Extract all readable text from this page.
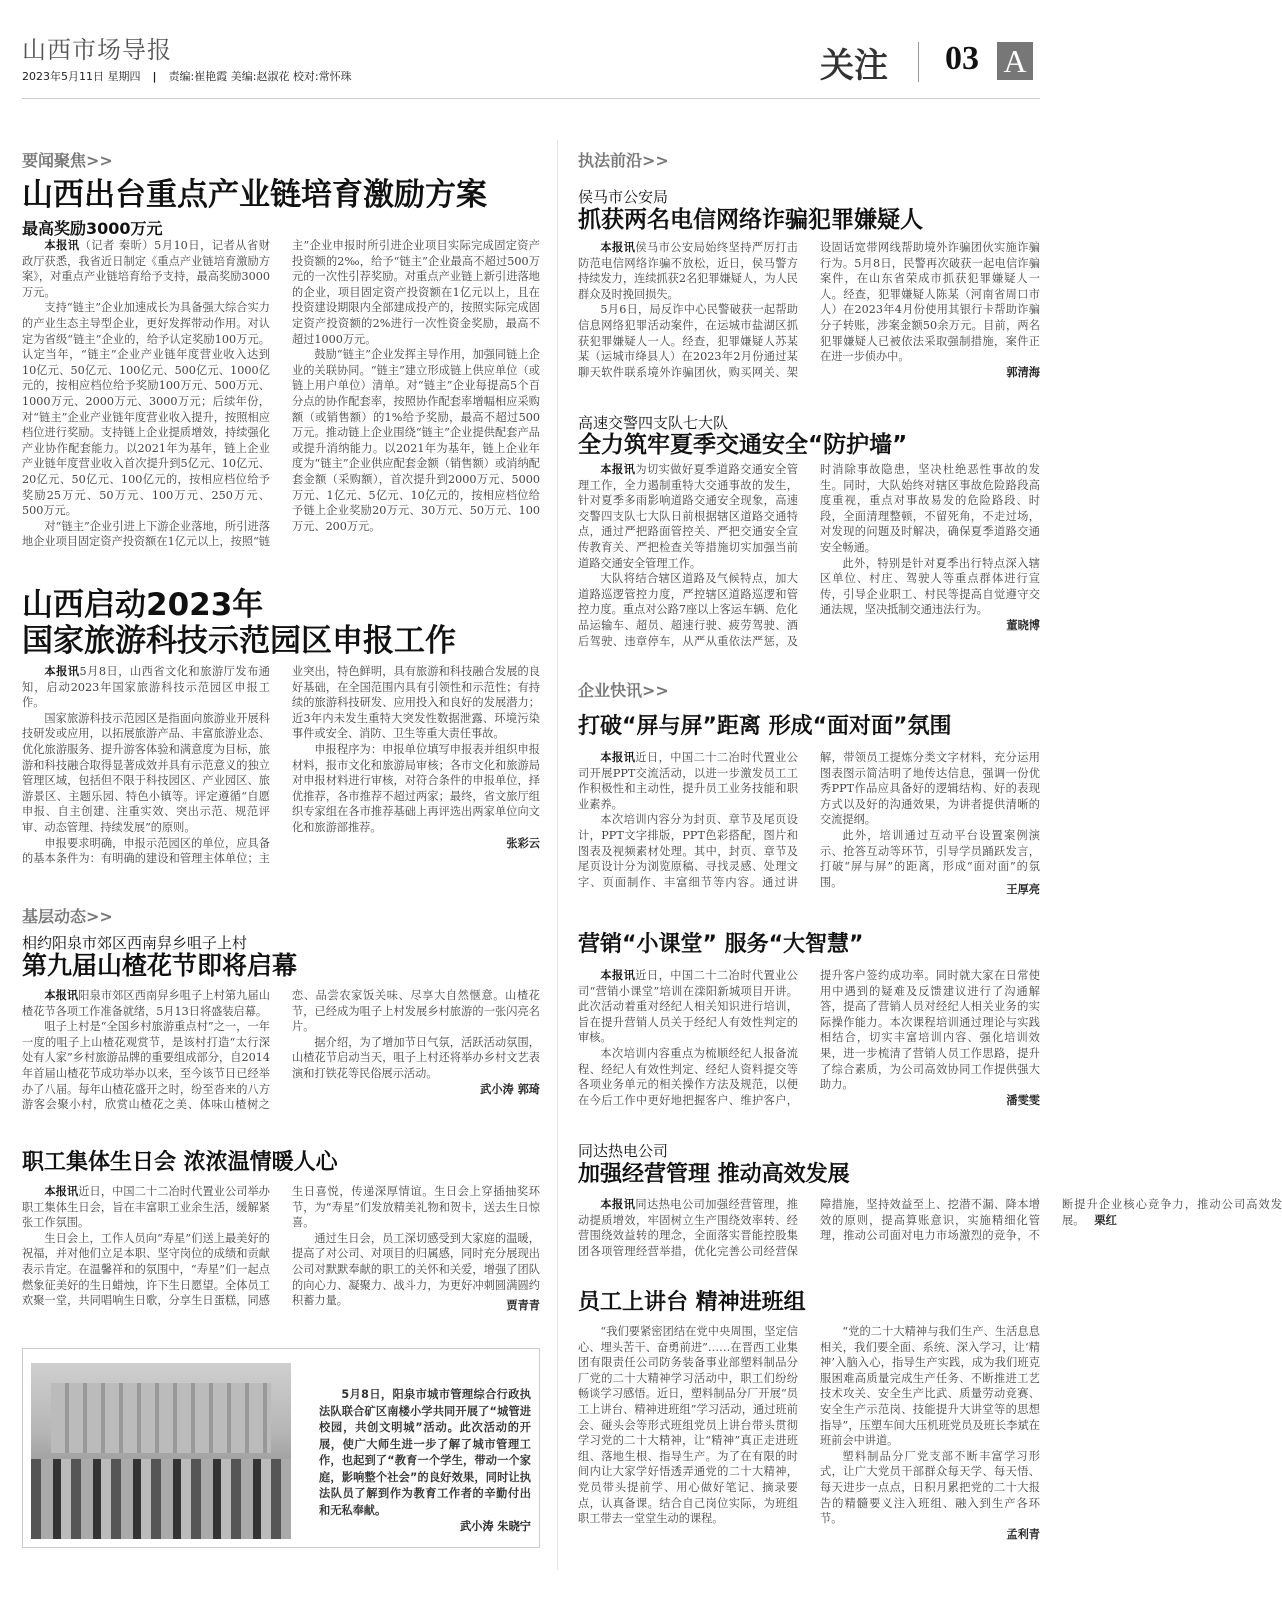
山西市场导报
2023年5月11日 星期四 | 责编:崔艳霞 美编:赵淑花 校对:常怀珠	关注 03 A
要闻聚焦>>
山西出台重点产业链培育激励方案
最高奖励3000万元

本报讯（记者 秦昕）5月10日，记者从省财政厅获悉，我省近日制定《重点产业链培育激励方案》，对重点产业链培育给予支持，最高奖励3000万元。

支持“链主”企业加速成长为具备强大综合实力的产业生态主导型企业，更好发挥带动作用。对认定为省级“链主”企业的，给予认定奖励100万元。认定当年，“链主”企业产业链年度营业收入达到10亿元、50亿元、100亿元、500亿元、1000亿元的，按相应档位给予奖励100万元、500万元、1000万元、2000万元、3000万元；后续年份，对“链主”企业产业链年度营业收入提升，按照相应档位进行奖励。支持链上企业提质增效，持续强化产业协作配套能力。以2021年为基年，链上企业产业链年度营业收入首次提升到5亿元、10亿元、20亿元、50亿元、100亿元的，按相应档位给予奖励25万元、50万元、100万元、250万元、500万元。

对“链主”企业引进上下游企业落地，所引进落地企业项目固定资产投资额在1亿元以上，按照“链主”企业申报时所引进企业项目实际完成固定资产投资额的2‰，给予“链主”企业最高不超过500万元的一次性引荐奖励。对重点产业链上新引进落地的企业，项目固定资产投资额在1亿元以上，且在投资建设期限内全部建成投产的，按照实际完成固定资产投资额的2%进行一次性资金奖励，最高不超过1000万元。

鼓励“链主”企业发挥主导作用，加强同链上企业的关联协同。“链主”建立形成链上供应单位（或链上用户单位）清单。对“链主”企业每提高5个百分点的协作配套率，按照协作配套率增幅相应采购额（或销售额）的1%给予奖励，最高不超过500万元。推动链上企业围绕“链主”企业提供配套产品或提升消纳能力。以2021年为基年，链上企业年度为“链主”企业供应配套金额（销售额）或消纳配套金额（采购额），首次提升到2000万元、5000万元、1亿元、5亿元、10亿元的，按相应档位给予链上企业奖励20万元、30万元、50万元、100万元、200万元。

山西启动2023年
国家旅游科技示范园区申报工作

本报讯5月8日，山西省文化和旅游厅发布通知，启动2023年国家旅游科技示范园区申报工作。

国家旅游科技示范园区是指面向旅游业开展科技研发或应用，以拓展旅游产品、丰富旅游业态、优化旅游服务、提升游客体验和满意度为目标，旅游和科技融合取得显著成效并具有示范意义的独立管理区域，包括但不限于科技园区、产业园区、旅游景区、主题乐园、特色小镇等。评定遵循“自愿申报、自主创建、注重实效、突出示范、规范评审、动态管理、持续发展”的原则。

申报要求明确，申报示范园区的单位，应具备的基本条件为：有明确的建设和管理主体单位；主业突出，特色鲜明，具有旅游和科技融合发展的良好基础，在全国范围内具有引领性和示范性；有持续的旅游科技研发、应用投入和良好的发展潜力；近3年内未发生重特大突发性数据泄露、环境污染事件或安全、消防、卫生等重大责任事故。

申报程序为：申报单位填写申报表并组织申报材料，报市文化和旅游局审核；各市文化和旅游局对申报材料进行审核，对符合条件的申报单位，择优推荐，各市推荐不超过两家；最终，省文旅厅组织专家组在各市推荐基础上再评选出两家单位向文化和旅游部推荐。

张彩云
基层动态>>
相约阳泉市郊区西南舁乡咀子上村
第九届山楂花节即将启幕

本报讯阳泉市郊区西南舁乡咀子上村第九届山楂花节各项工作准备就绪，5月13日将盛装启幕。

咀子上村是“全国乡村旅游重点村”之一，一年一度的咀子上山楂花观赏节，是该村打造“太行深处有人家”乡村旅游品牌的重要组成部分，自2014年首届山楂花节成功举办以来，至今该节日已经举办了八届。每年山楂花盛开之时，纷至沓来的八方游客会聚小村，欣赏山楂花之美、体味山楂树之恋、品尝农家饭关味、尽享大自然惬意。山楂花节，已经成为咀子上村发展乡村旅游的一张闪亮名片。

据介绍，为了增加节日气氛，活跃活动氛围，山楂花节启动当天，咀子上村还将举办乡村文艺表演和打铁花等民俗展示活动。

武小涛 郭琦
职工集体生日会 浓浓温情暖人心

本报讯近日，中国二十二冶时代置业公司举办职工集体生日会，旨在丰富职工业余生活，缓解紧张工作氛围。

生日会上，工作人员向“寿星”们送上最美好的祝福，并对他们立足本职、坚守岗位的成绩和贡献表示肯定。在温馨祥和的氛围中，“寿星”们一起点燃象征美好的生日蜡烛，许下生日愿望。全体员工欢聚一堂，共同唱响生日歌，分享生日蛋糕，同感生日喜悦，传递深厚情谊。生日会上穿插抽奖环节，为“寿星”们发放精美礼物和贺卡，送去生日惊喜。

通过生日会，员工深切感受到大家庭的温暖，提高了对公司、对项目的归属感，同时充分展现出公司对默默奉献的职工的关怀和关爱，增强了团队的向心力、凝聚力、战斗力，为更好冲刺圆满圆约积蓄力量。	贾青青

5月8日，阳泉市城市管理综合行政执法队联合矿区南楼小学共同开展了“城管进校园，共创文明城”活动。此次活动的开展，使广大师生进一步了解了城市管理工作，也起到了“教育一个学生，带动一个家庭，影响整个社会”的良好效果，同时让执法队员了解到作为教育工作者的辛勤付出和无私奉献。

武小涛 朱晓宁
执法前沿>>
侯马市公安局
抓获两名电信网络诈骗犯罪嫌疑人

本报讯侯马市公安局始终坚持严厉打击防范电信网络诈骗不放松，近日，侯马警方持续发力，连续抓获2名犯罪嫌疑人，为人民群众及时挽回损失。

5月6日，局反诈中心民警破获一起帮助信息网络犯罪活动案件，在运城市盐湖区抓获犯罪嫌疑人一人。经查，犯罪嫌疑人苏某某（运城市绛县人）在2023年2月份通过某聊天软件联系境外诈骗团伙，购买网关、架设固话宽带网线帮助境外诈骗团伙实施诈骗行为。5月8日，民警再次破获一起电信诈骗案件，在山东省荣成市抓获犯罪嫌疑人一人。经查，犯罪嫌疑人陈某（河南省周口市人）在2023年4月份使用其银行卡帮助诈骗分子转账，涉案金额50余万元。目前，两名犯罪嫌疑人已被依法采取强制措施，案件正在进一步侦办中。

郭清海
高速交警四支队七大队
全力筑牢夏季交通安全“防护墙”

本报讯为切实做好夏季道路交通安全管理工作，全力遏制重特大交通事故的发生，针对夏季多雨影响道路交通安全现象，高速交警四支队七大队日前根据辖区道路交通特点，通过严把路面管控关、严把交通安全宣传教育关、严把检查关等措施切实加强当前道路交通安全管理工作。

大队将结合辖区道路及气候特点，加大道路巡逻管控力度，严控辖区道路巡逻和管控力度。重点对公路7座以上客运车辆、危化品运输车、超员、超速行驶、疲劳驾驶、酒后驾驶、违章停车，从严从重依法严惩，及时消除事故隐患，坚决杜绝恶性事故的发生。同时，大队始终对辖区事故危险路段高度重视，重点对事故易发的危险路段、时段，全面清理整顿，不留死角，不走过场，对发现的问题及时解决，确保夏季道路交通安全畅通。

此外，特别是针对夏季出行特点深入辖区单位、村庄、驾驶人等重点群体进行宣传，引导企业职工、村民等提高自觉遵守交通法规，坚决抵制交通违法行为。

董晓博
企业快讯>>
打破“屏与屏”距离 形成“面对面”氛围

本报讯近日，中国二十二冶时代置业公司开展PPT交流活动，以进一步激发员工工作积极性和主动性，提升员工业务技能和职业素养。

本次培训内容分为封页、章节及尾页设计，PPT文字排版，PPT色彩搭配，图片和图表及视频素材处理。其中，封页、章节及尾页设计分为浏览原稿、寻找灵感、处理文字、页面制作、丰富细节等内容。通过讲解，带领员工提炼分类文字材料，充分运用图表图示简洁明了地传达信息，强调一份优秀PPT作品应具备好的逻辑结构、好的表现方式以及好的沟通效果，为讲者提供清晰的交流提纲。

此外，培训通过互动平台设置案例演示、抢答互动等环节，引导学员踊跃发言，打破“屏与屏”的距离，形成“面对面”的氛围。	王厚亮
营销“小课堂” 服务“大智慧”

本报讯近日，中国二十二冶时代置业公司“营销小课堂”培训在滦阳新城项目开讲。此次活动着重对经纪人相关知识进行培训，旨在提升营销人员关于经纪人有效性判定的审核。

本次培训内容重点为梳顺经纪人报备流程、经纪人有效性判定、经纪人资料提交等各项业务单元的相关操作方法及规范，以便在今后工作中更好地把握客户、维护客户，提升客户签约成功率。同时就大家在日常使用中遇到的疑难及反馈建议进行了沟通解答，提高了营销人员对经纪人相关业务的实际操作能力。本次课程培训通过理论与实践相结合，切实丰富培训内容、强化培训效果，进一步梳清了营销人员工作思路，提升了综合素质，为公司高效协同工作提供强大助力。

潘雯雯
同达热电公司
加强经营管理 推动高效发展

本报讯同达热电公司加强经营管理，推动提质增效，牢固树立生产围绕效率转、经营围绕效益转的理念，全面落实晋能控股集团各项管理经营举措，优化完善公司经营保障措施，坚持效益至上、挖潜不漏、降本增效的原则，提高算账意识，实施精细化管理，推动公司面对电力市场激烈的竞争，不断提升企业核心竞争力，推动公司高效发展。 栗红

员工上讲台 精神进班组

“我们要紧密团结在党中央周围，坚定信心、埋头苦干、奋勇前进”……在晋西工业集团有限责任公司防务装备事业部塑料制品分厂党的二十大精神学习活动中，职工们纷纷畅谈学习感悟。近日，塑料制品分厂开展“员工上讲台、精神进班组”学习活动，通过班前会、碰头会等形式班组党员上讲台带头贯彻学习党的二十大精神，让“精神”真正走进班组、落地生根、指导生产。为了在有限的时间内让大家学好悟透弄通党的二十大精神，党员带头提前学、用心做好笔记、摘录要点，认真备课。结合自己岗位实际，为班组职工带去一堂堂生动的课程。

“党的二十大精神与我们生产、生活息息相关，我们要全面、系统、深入学习，让‘精神’入脑入心，指导生产实践，成为我们班克服困难高质量完成生产任务、不断推进工艺技术攻关、安全生产比武、质量劳动竞赛、安全生产示范岗、技能提升大讲堂等的思想指导”，压塑车间大压机班党员及班长李斌在班前会中讲道。

塑料制品分厂党支部不断丰富学习形式，让广大党员干部群众每天学、每天悟、每天进步一点点，日积月累把党的二十大报告的精髓要义注入班组、融入到生产各环节。

孟利青
